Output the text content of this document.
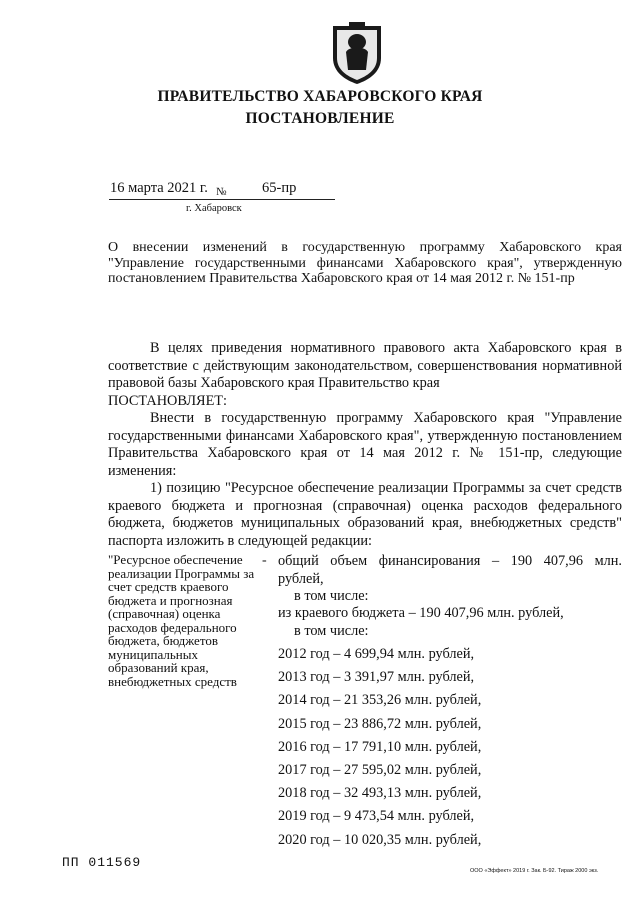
ПРАВИТЕЛЬСТВО ХАБАРОВСКОГО КРАЯ
ПОСТАНОВЛЕНИЕ
16 марта 2021 г. № 65-пр
г. Хабаровск
О внесении изменений в государственную программу Хабаровского края "Управление государственными финансами Хабаровского края", утвержденную постановлением Правительства Хабаровского края от 14 мая 2012 г. № 151-пр
В целях приведения нормативного правового акта Хабаровского края в соответствие с действующим законодательством, совершенствования нормативной правовой базы Хабаровского края Правительство края
ПОСТАНОВЛЯЕТ:
Внести в государственную программу Хабаровского края "Управление государственными финансами Хабаровского края", утвержденную постановлением Правительства Хабаровского края от 14 мая 2012 г. № 151-пр, следующие изменения:
1) позицию "Ресурсное обеспечение реализации Программы за счет средств краевого бюджета и прогнозная (справочная) оценка расходов федерального бюджета, бюджетов муниципальных образований края, внебюджетных средств" паспорта изложить в следующей редакции:
"Ресурсное обеспечение реализации Программы за счет средств краевого бюджета и прогнозная (справочная) оценка расходов федерального бюджета, бюджетов муниципальных образований края, внебюджетных средств
- общий объем финансирования – 190 407,96 млн. рублей,

в том числе:

из краевого бюджета – 190 407,96 млн. рублей,

в том числе:

2012 год – 4 699,94 млн. рублей,
2013 год – 3 391,97 млн. рублей,
2014 год – 21 353,26 млн. рублей,
2015 год – 23 886,72 млн. рублей,
2016 год – 17 791,10 млн. рублей,
2017 год – 27 595,02 млн. рублей,
2018 год – 32 493,13 млн. рублей,
2019 год – 9 473,54 млн. рублей,
2020 год – 10 020,35 млн. рублей,
ПП 011569
ООО «Эффект» 2019 г. Зак. Б-92. Тираж 2000 экз.
